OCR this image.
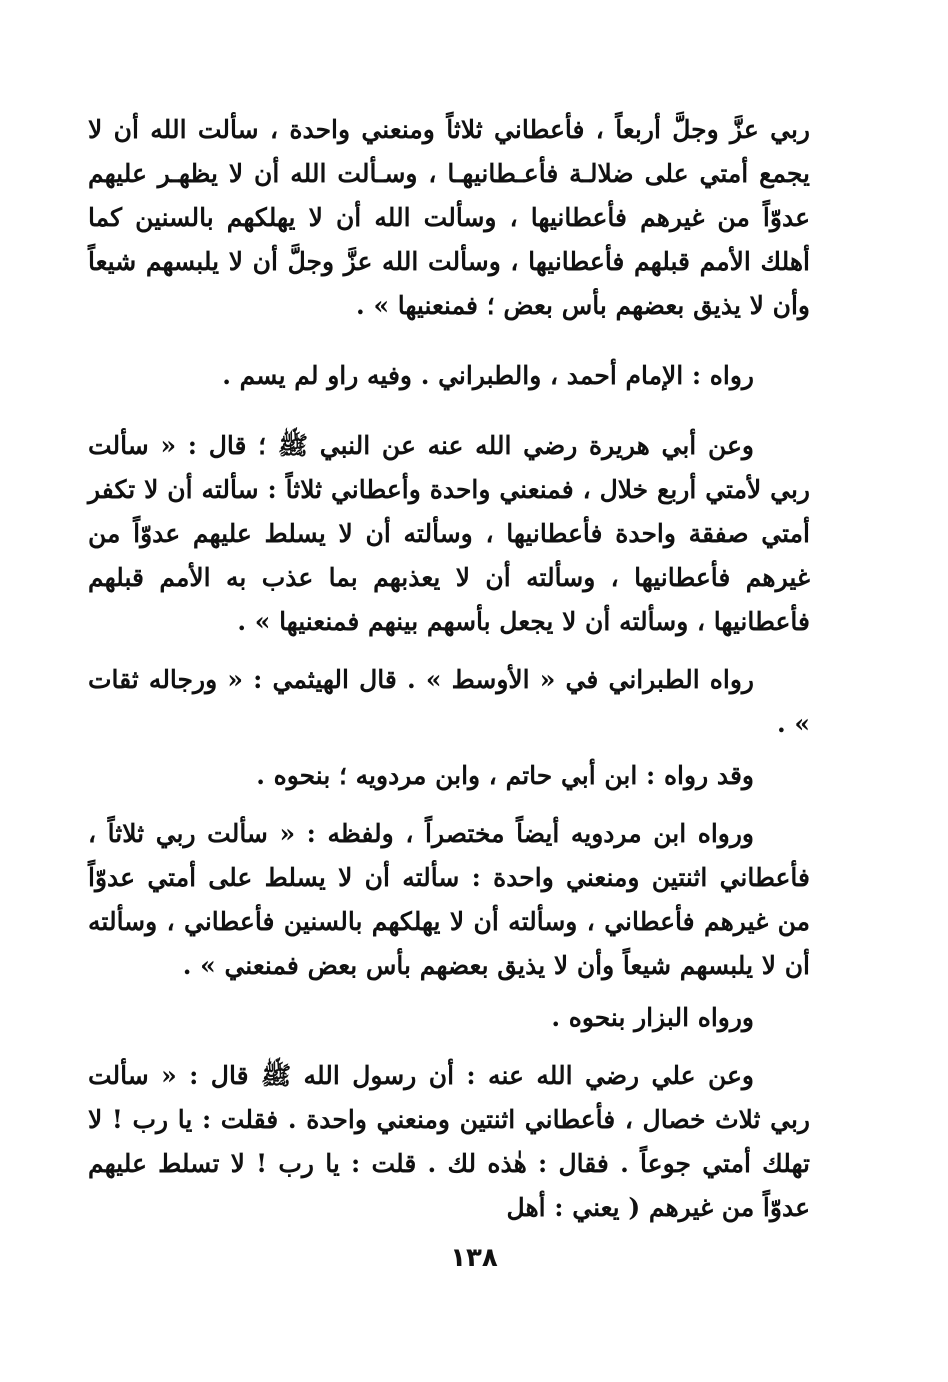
ربي عزَّ وجلَّ أربعاً ، فأعطاني ثلاثاً ومنعني واحدة ، سألت الله أن لا يجمع أمتي على ضلالـة فأعـطانيهـا ، وسـألت الله أن لا يظهـر عليهم عدوّاً من غيرهم فأعطانيها ، وسألت الله أن لا يهلكهم بالسنين كما أهلك الأمم قبلهم فأعطانيها ، وسألت الله عزَّ وجلَّ أن لا يلبسهم شيعاً وأن لا يذيق بعضهم بأس بعض ؛ فمنعنيها » .

رواه : الإمام أحمد ، والطبراني . وفيه راو لم يسم .

وعن أبي هريرة رضي الله عنه عن النبي ﷺ ؛ قال : « سألت ربي لأمتي أربع خلال ، فمنعني واحدة وأعطاني ثلاثاً : سألته أن لا تكفر أمتي صفقة واحدة فأعطانيها ، وسألته أن لا يسلط عليهم عدوّاً من غيرهم فأعطانيها ، وسألته أن لا يعذبهم بما عذب به الأمم قبلهم فأعطانيها ، وسألته أن لا يجعل بأسهم بينهم فمنعنيها » .

رواه الطبراني في « الأوسط » . قال الهيثمي : « ورجاله ثقات » .

وقد رواه : ابن أبي حاتم ، وابن مردويه ؛ بنحوه .

ورواه ابن مردويه أيضاً مختصراً ، ولفظه : « سألت ربي ثلاثاً ، فأعطاني اثنتين ومنعني واحدة : سألته أن لا يسلط على أمتي عدوّاً من غيرهم فأعطاني ، وسألته أن لا يهلكهم بالسنين فأعطاني ، وسألته أن لا يلبسهم شيعاً وأن لا يذيق بعضهم بأس بعض فمنعني » .

ورواه البزار بنحوه .

وعن علي رضي الله عنه : أن رسول الله ﷺ قال : « سألت ربي ثلاث خصال ، فأعطاني اثنتين ومنعني واحدة . فقلت : يا رب ! لا تهلك أمتي جوعاً . فقال : هٰذه لك . قلت : يا رب ! لا تسلط عليهم عدوّاً من غيرهم ( يعني : أهل

١٣٨
